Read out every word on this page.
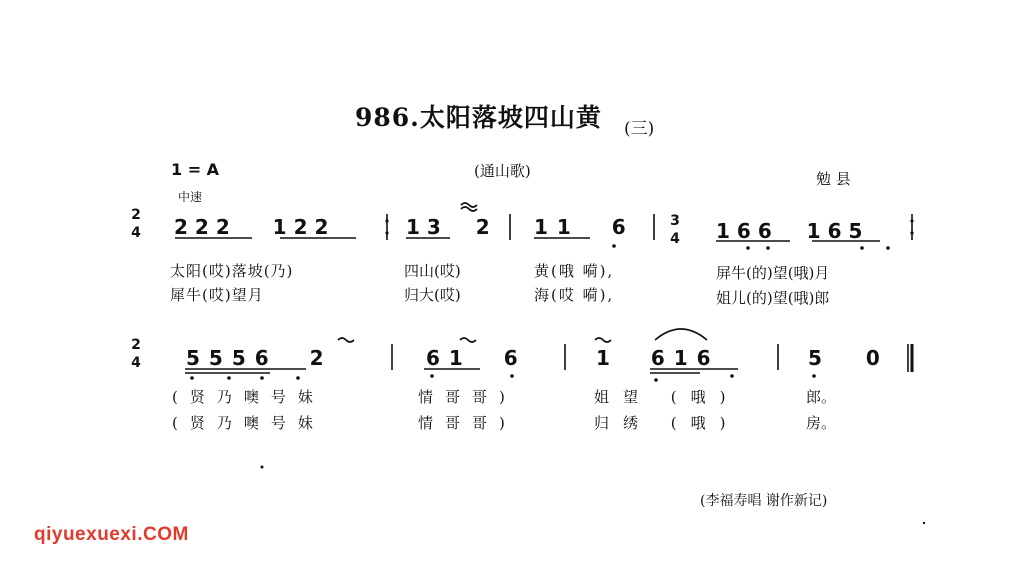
986.太阳落坡四山黄 (三)
1 = A
中速
(通山歌)	勉 县
2
4
3
4
222  122	13  2 11  6	166  165
太阳(哎)落坡(乃)	四山(哎)	黄(哦 嗬),	屏牛(的)望(哦)月
犀牛(哎)望月	归大(哎)	海(哎 嗬),	姐儿(的)望(哦)郎
2
4 5556  2	61  6	1  616	5  0
(贤乃噢号妹	情哥哥)	姐望 (哦)	郎。
(贤乃噢号妹	情哥哥)	归绣 (哦)	房。
(李福寿唱 谢作新记)
qiyuexuexi.COM
